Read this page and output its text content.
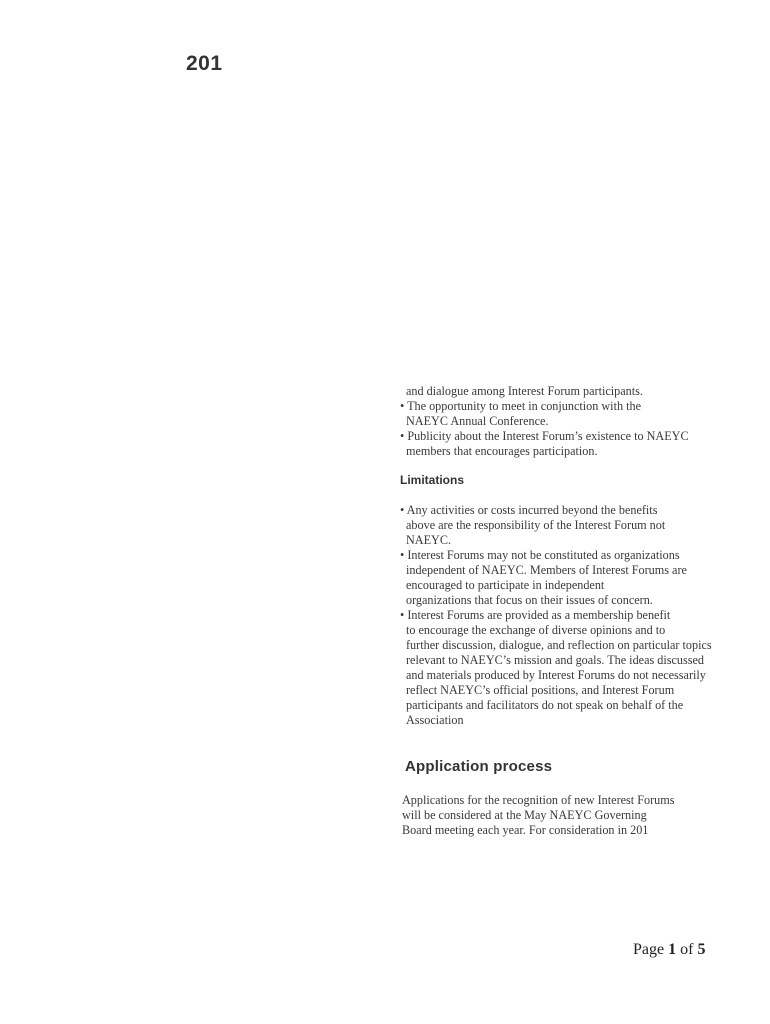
201
and dialogue among Interest Forum participants.
• The opportunity to meet in conjunction with the
NAEYC Annual Conference.
• Publicity about the Interest Forum’s existence to NAEYC
members that encourages participation.
Limitations
• Any activities or costs incurred beyond the benefits
above are the responsibility of the Interest Forum not
NAEYC.
• Interest Forums may not be constituted as organizations
independent of NAEYC. Members of Interest Forums are
encouraged to participate in independent
organizations that focus on their issues of concern.
• Interest Forums are provided as a membership benefit
to encourage the exchange of diverse opinions and to
further discussion, dialogue, and reflection on particular topics
relevant to NAEYC’s mission and goals. The ideas discussed
and materials produced by Interest Forums do not necessarily
reflect NAEYC’s official positions, and Interest Forum
participants and facilitators do not speak on behalf of the
Association
Application process
Applications for the recognition of new Interest Forums
will be considered at the May NAEYC Governing
Board meeting each year. For consideration in 201
Page 1 of 5
